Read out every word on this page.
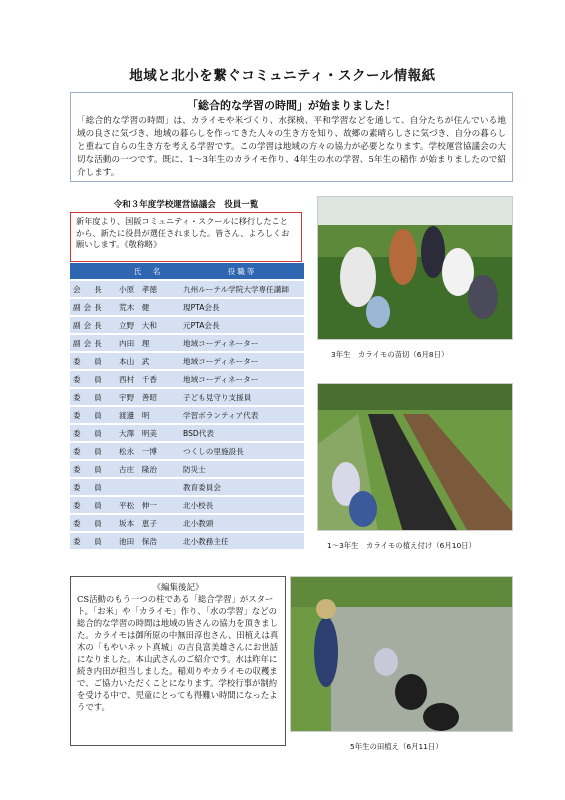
地域と北小を繋ぐコミュニティ・スクール情報紙

「総合的な学習の時間」が始まりました！

「総合的な学習の時間」は、カライモや米づくり、水探検、平和学習などを通して、自分たちが住んでいる地域の良さに気づき、地域の暮らしを作ってきた人々の生き方を知り、故郷の素晴らしさに気づき、自分の暮らしと重ねて自らの生き方を考える学習です。この学習は地域の方々の協力が必要となります。学校運営協議会の大切な活動の一つです。既に、1～3年生のカライモ作り、4年生の水の学習、5年生の稲作 が始まりましたので紹介します。

令和３年度学校運営協議会　役員一覧

新年度より、国阪コミュニティ・スクールに移行したことから、新たに役員が選任されました。皆さん、よろしくお願いします。《敬称略》

	氏　名	役職等
会　長	小原　孝徳	九州ルーテル学院大学専任講師
副会長	荒木　健	現PTA会長
副会長	立野　大和	元PTA会長
副会長	内田　理	地域コーディネーター
委　員	本山　武	地域コーディネーター
委　員	西村　千香	地域コーディネーター
委　員	宇野　善昭	子ども見守り支援員
委　員	渡邊　明	学習ボランティア代表
委　員	大澤　明美	BSD代表
委　員	松永　一博	つくしの里施設長
委　員	古庄　隆治	防災士
委　員		教育委員会
委　員	平松　伸一	北小校長
委　員	坂本　恵子	北小教頭
委　員	池田　保浩	北小教務主任
3年生　カライモの苗切（6月8日）
1～3年生　カライモの植え付け（6月10日）
5年生の田植え（6月11日）

《編集後記》

CS活動のもう一つの柱である「総合学習」がスタート。「お米」や「カライモ」作り、「水の学習」などの総合的な学習の時間は地域の皆さんの協力を頂きました。カライモは御所原の中無田淳也さん、田植えは真木の「もやいネット真城」の吉良富美雄さんにお世話になりました。本山武さんのご紹介です。水は昨年に続き内田が担当しました。稲刈りやカライモの収穫まで、ご協力いただくことになります。学校行事が制約を受ける中で、児童にとっても得難い時間になったようです。
